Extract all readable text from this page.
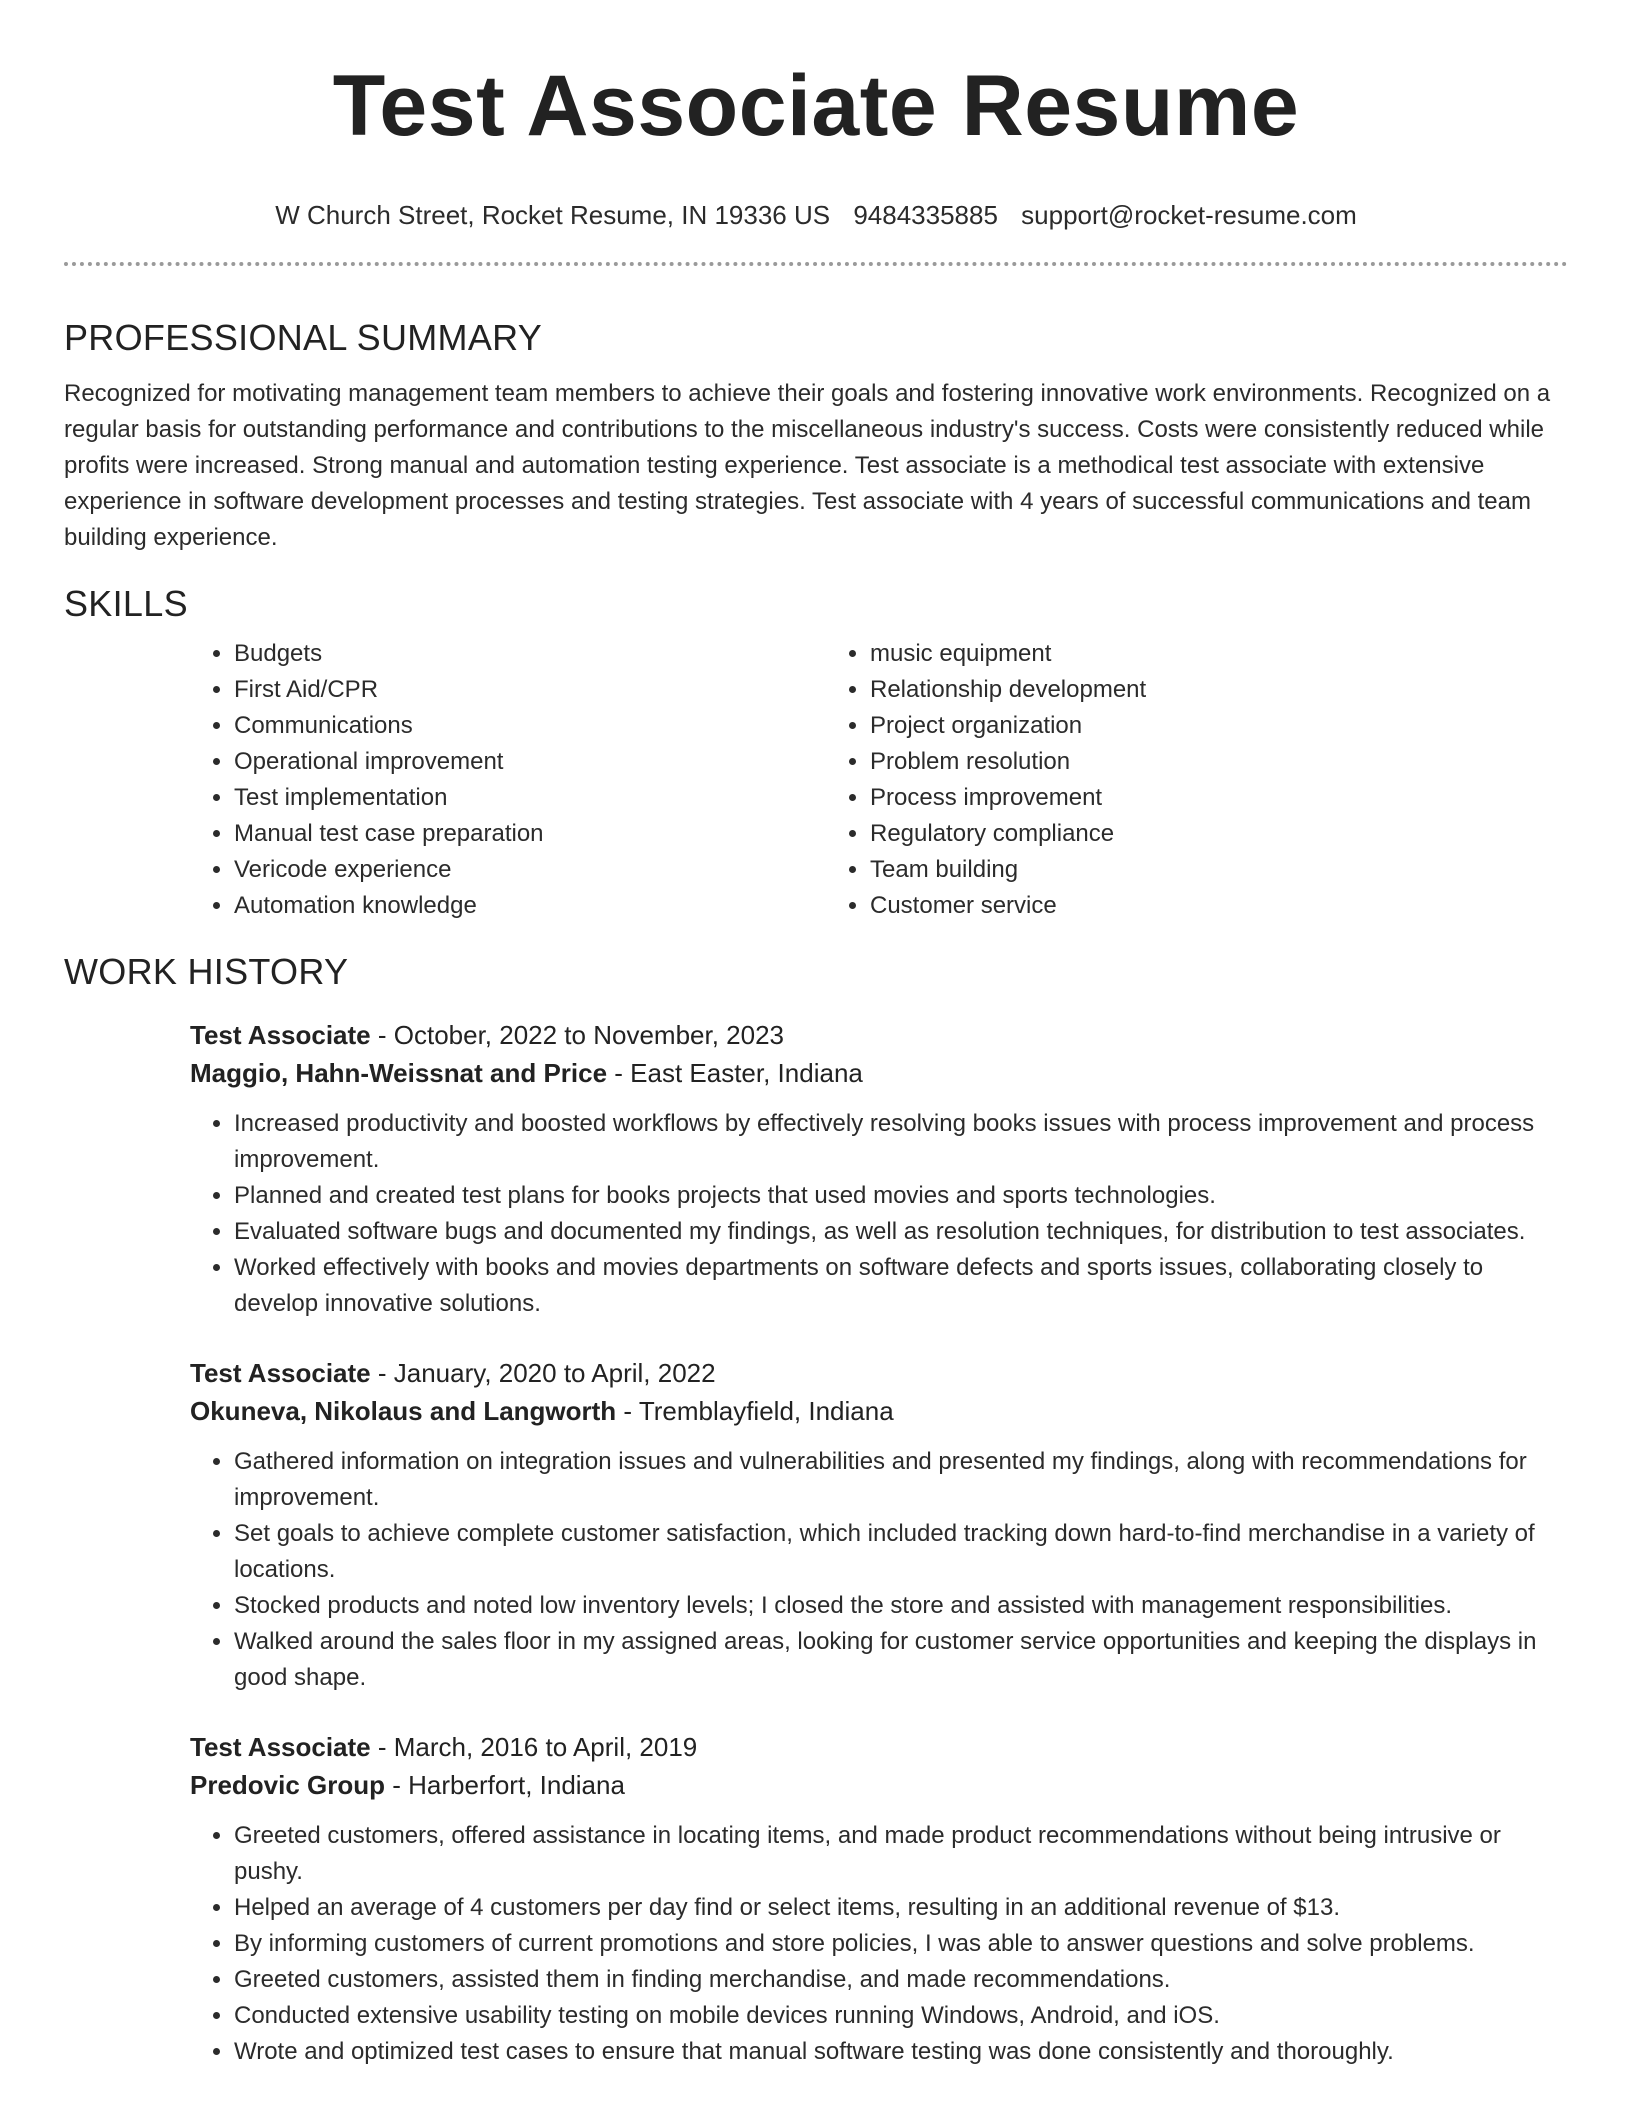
Test Associate Resume
W Church Street, Rocket Resume, IN 19336 US 9484335885 support@rocket-resume.com
PROFESSIONAL SUMMARY

Recognized for motivating management team members to achieve their goals and fostering innovative work environments. Recognized on a regular basis for outstanding performance and contributions to the miscellaneous industry's success. Costs were consistently reduced while profits were increased. Strong manual and automation testing experience. Test associate is a methodical test associate with extensive experience in software development processes and testing strategies. Test associate with 4 years of successful communications and team building experience.

SKILLS
• Budgets
• First Aid/CPR
• Communications
• Operational improvement
• Test implementation
• Manual test case preparation
• Vericode experience
• Automation knowledge
• music equipment
• Relationship development
• Project organization
• Problem resolution
• Process improvement
• Regulatory compliance
• Team building
• Customer service
WORK HISTORY
Test Associate - October, 2022 to November, 2023
Maggio, Hahn-Weissnat and Price - East Easter, Indiana
• Increased productivity and boosted workflows by effectively resolving books issues with process improvement and process improvement.
• Planned and created test plans for books projects that used movies and sports technologies.
• Evaluated software bugs and documented my findings, as well as resolution techniques, for distribution to test associates.
• Worked effectively with books and movies departments on software defects and sports issues, collaborating closely to develop innovative solutions.
Test Associate - January, 2020 to April, 2022
Okuneva, Nikolaus and Langworth - Tremblayfield, Indiana
• Gathered information on integration issues and vulnerabilities and presented my findings, along with recommendations for improvement.
• Set goals to achieve complete customer satisfaction, which included tracking down hard-to-find merchandise in a variety of locations.
• Stocked products and noted low inventory levels; I closed the store and assisted with management responsibilities.
• Walked around the sales floor in my assigned areas, looking for customer service opportunities and keeping the displays in good shape.
Test Associate - March, 2016 to April, 2019
Predovic Group - Harberfort, Indiana
• Greeted customers, offered assistance in locating items, and made product recommendations without being intrusive or pushy.
• Helped an average of 4 customers per day find or select items, resulting in an additional revenue of $13.
• By informing customers of current promotions and store policies, I was able to answer questions and solve problems.
• Greeted customers, assisted them in finding merchandise, and made recommendations.
• Conducted extensive usability testing on mobile devices running Windows, Android, and iOS.
• Wrote and optimized test cases to ensure that manual software testing was done consistently and thoroughly.
